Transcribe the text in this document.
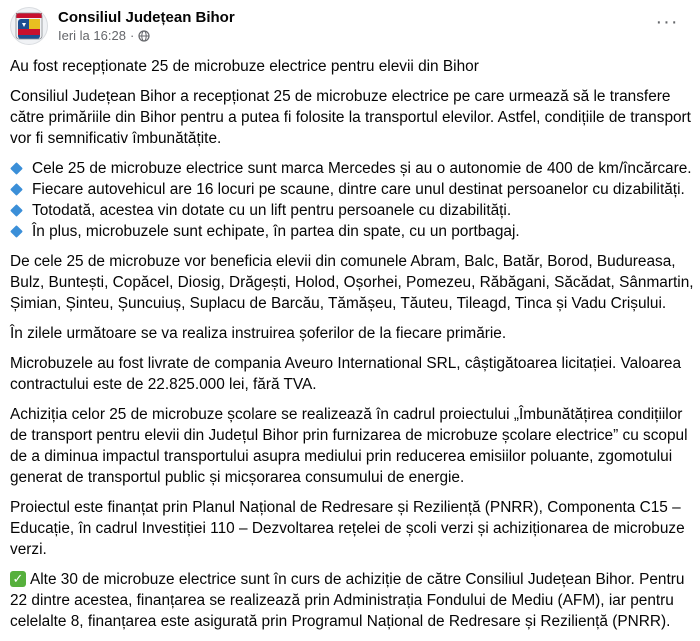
Consiliul Județean Bihor
Ieri la 16:28 ·
···

Au fost recepționate 25 de microbuze electrice pentru elevii din Bihor

Consiliul Județean Bihor a recepționat 25 de microbuze electrice pe care urmează să le transfere către primăriile din Bihor pentru a putea fi folosite la transportul elevilor. Astfel, condițiile de transport vor fi semnificativ îmbunătățite.

Cele 25 de microbuze electrice sunt marca Mercedes și au o autonomie de 400 de km/încărcare.
Fiecare autovehicul are 16 locuri pe scaune, dintre care unul destinat persoanelor cu dizabilități.
Totodată, acestea vin dotate cu un lift pentru persoanele cu dizabilități.
În plus, microbuzele sunt echipate, în partea din spate, cu un portbagaj.

De cele 25 de microbuze vor beneficia elevii din comunele Abram, Balc, Batăr, Borod, Budureasa, Bulz, Buntești, Copăcel, Diosig, Drăgești, Holod, Oșorhei, Pomezeu, Răbăgani, Săcădat, Sânmartin, Șimian, Șinteu, Șuncuiuș, Suplacu de Barcău, Tămășeu, Tăuteu, Tileagd, Tinca și Vadu Crișului.

În zilele următoare se va realiza instruirea șoferilor de la fiecare primărie.

Microbuzele au fost livrate de compania Aveuro International SRL, câștigătoarea licitației. Valoarea contractului este de 22.825.000 lei, fără TVA.

Achiziția celor 25 de microbuze școlare se realizează în cadrul proiectului „Îmbunătățirea condițiilor de transport pentru elevii din Județul Bihor prin furnizarea de microbuze școlare electrice” cu scopul de a diminua impactul transportului asupra mediului prin reducerea emisiilor poluante, zgomotului generat de transportul public și micșorarea consumului de energie.

Proiectul este finanțat prin Planul Național de Redresare și Reziliență (PNRR), Componenta C15 – Educație, în cadrul Investiției 110 – Dezvoltarea rețelei de școli verzi și achiziționarea de microbuze verzi.

✓ Alte 30 de microbuze electrice sunt în curs de achiziție de către Consiliul Județean Bihor. Pentru 22 dintre acestea, finanțarea se realizează prin Administrația Fondului de Mediu (AFM), iar pentru celelalte 8, finanțarea este asigurată prin Programul Național de Redresare și Reziliență (PNRR).
